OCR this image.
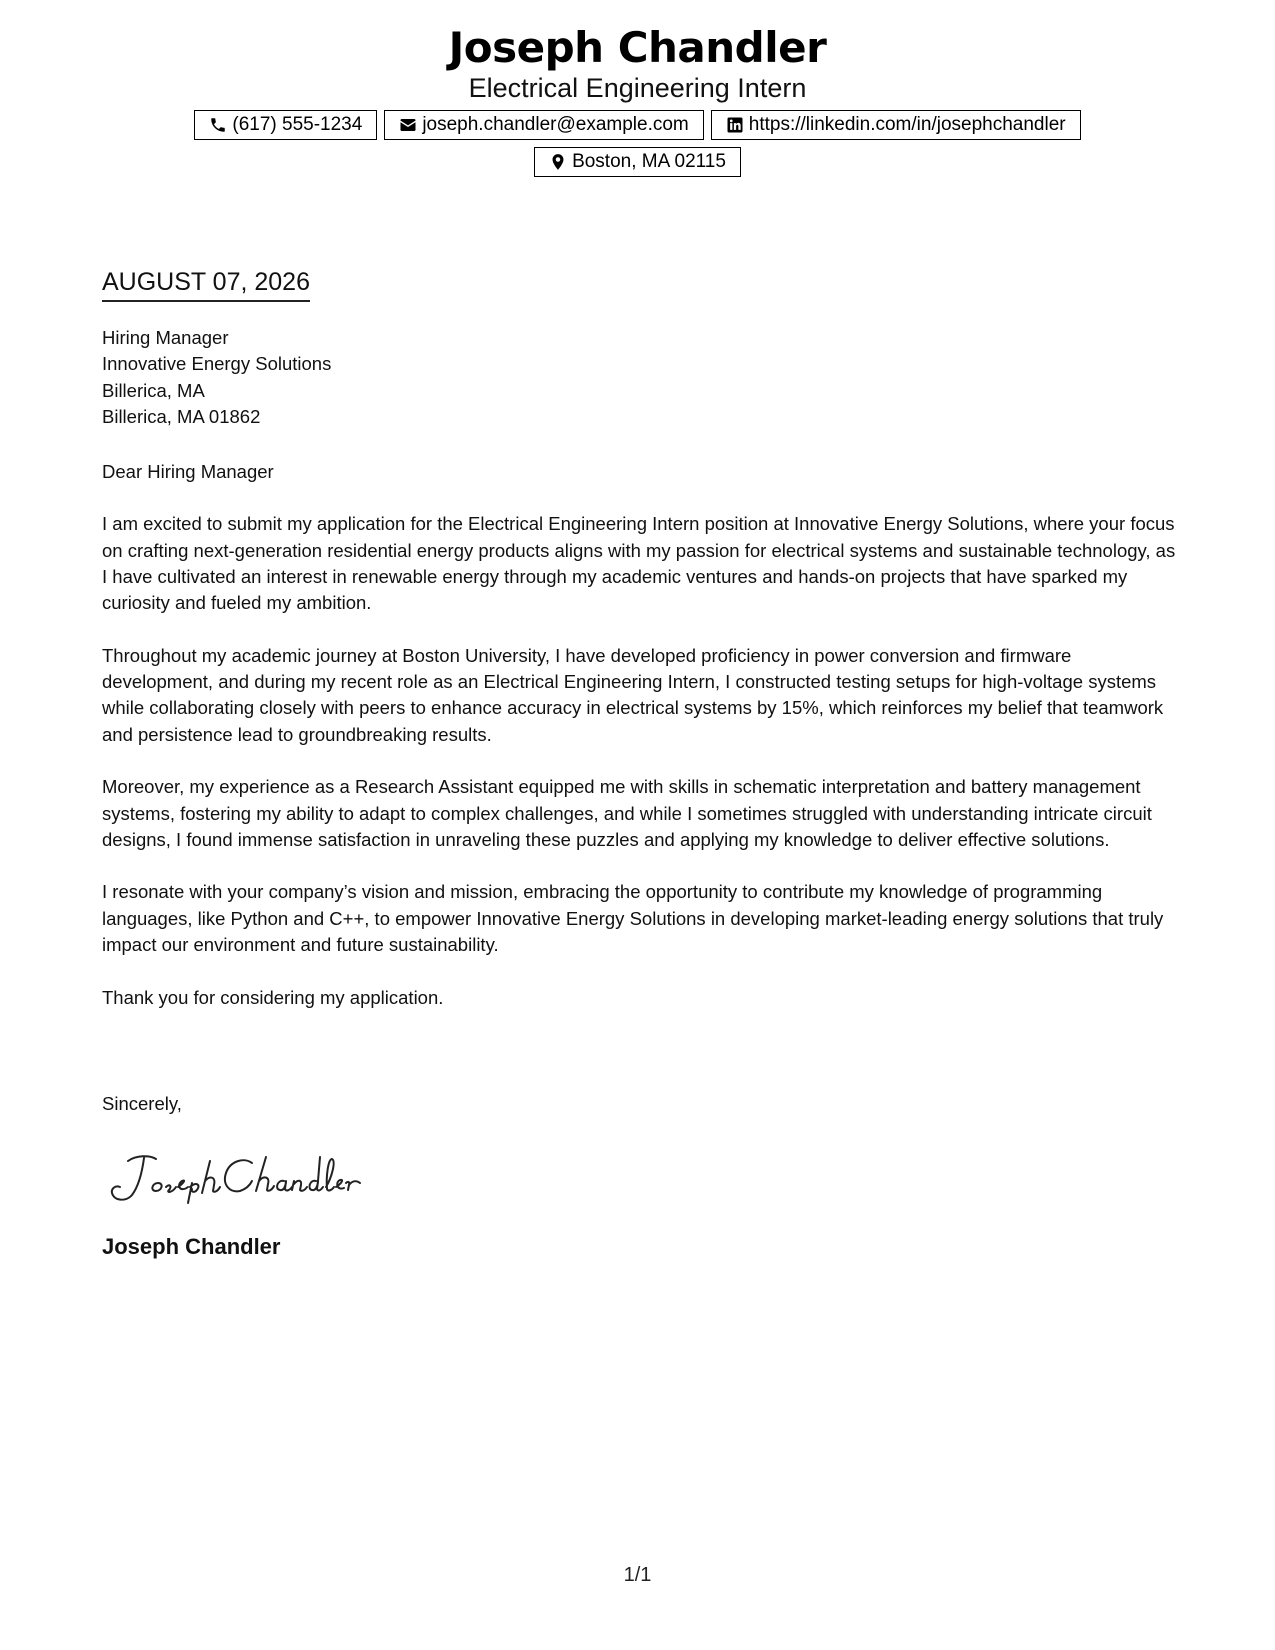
Joseph Chandler
Electrical Engineering Intern
(617) 555-1234	joseph.chandler@example.com	https://linkedin.com/in/josephchandler
Boston, MA 02115
AUGUST 07, 2026
Hiring Manager
Innovative Energy Solutions
Billerica, MA
Billerica, MA 01862

Dear Hiring Manager

I am excited to submit my application for the Electrical Engineering Intern position at Innovative Energy Solutions, where your focus on crafting next-generation residential energy products aligns with my passion for electrical systems and sustainable technology, as I have cultivated an interest in renewable energy through my academic ventures and hands-on projects that have sparked my curiosity and fueled my ambition.

Throughout my academic journey at Boston University, I have developed proficiency in power conversion and firmware development, and during my recent role as an Electrical Engineering Intern, I constructed testing setups for high-voltage systems while collaborating closely with peers to enhance accuracy in electrical systems by 15%, which reinforces my belief that teamwork and persistence lead to groundbreaking results.

Moreover, my experience as a Research Assistant equipped me with skills in schematic interpretation and battery management systems, fostering my ability to adapt to complex challenges, and while I sometimes struggled with understanding intricate circuit designs, I found immense satisfaction in unraveling these puzzles and applying my knowledge to deliver effective solutions.

I resonate with your company’s vision and mission, embracing the opportunity to contribute my knowledge of programming languages, like Python and C++, to empower Innovative Energy Solutions in developing market-leading energy solutions that truly impact our environment and future sustainability.

Thank you for considering my application.

Sincerely,
Joseph Chandler
1/1
